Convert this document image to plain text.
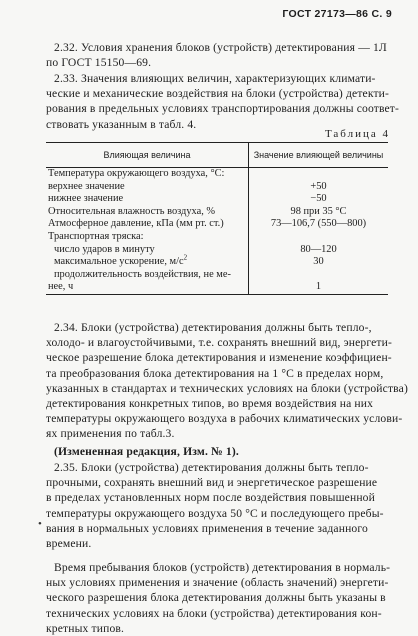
ГОСТ 27173—86 С. 9
2.32. Условия хранения блоков (устройств) детектирования — 1Л
по ГОСТ 15150—69.
2.33. Значения влияющих величин, характеризующих климати-
ческие и механические воздействия на блоки (устройства) детекти-
рования в предельных условиях транспортирования должны соответ-
ствовать указанным в табл. 4.
Таблица 4
Влияющая величина	Значение влияющей величины
Температура окружающего воздуха, °С:	
верхнее значение	+50
нижнее значение	−50
Относительная влажность воздуха, %	98 при 35 °С
Атмосферное давление, кПа (мм рт. ст.)	73—106,7 (550—800)
Транспортная тряска:	
число ударов в минуту	80—120
максимальное ускорение, $м/с^2$	30
продолжительность воздействия, не ме-	
нее, ч	1
2.34. Блоки (устройства) детектирования должны быть тепло-,
холодо- и влагоустойчивыми, т.е. сохранять внешний вид, энергети-
ческое разрешение блока детектирования и изменение коэффициен-
та преобразования блока детектирования на 1 °С в пределах норм,
указанных в стандартах и технических условиях на блоки (устройства)
детектирования конкретных типов, во время воздействия на них
температуры окружающего воздуха в рабочих климатических услови-
ях применения по табл.3.
(Измененная редакция, Изм. № 1).
2.35. Блоки (устройства) детектирования должны быть тепло-
прочными, сохранять внешний вид и энергетическое разрешение
в пределах установленных норм после воздействия повышенной
температуры окружающего воздуха 50 °С и последующего пребы-
вания в нормальных условиях применения в течение заданного
времени.
•
Время пребывания блоков (устройств) детектирования в нормаль-
ных условиях применения и значение (область значений) энергети-
ческого разрешения блока детектирования должны быть указаны в
технических условиях на блоки (устройства) детектирования кон-
кретных типов.
